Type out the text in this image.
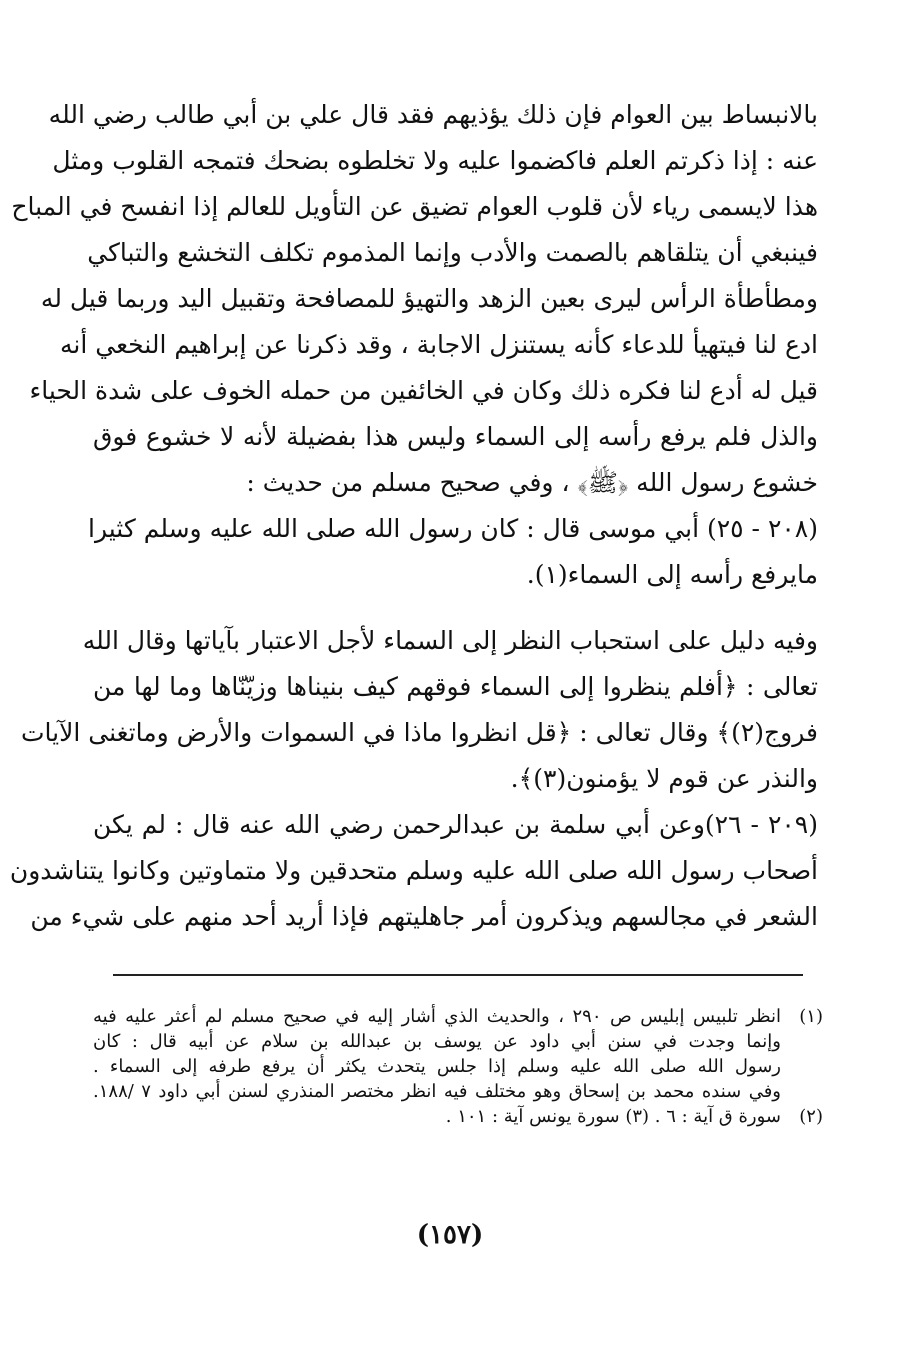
بالانبساط بين العوام فإن ذلك يؤذيهم فقد قال علي بن أبي طالب رضي الله
عنه : إذا ذكرتم العلم فاكضموا عليه ولا تخلطوه بضحك فتمجه القلوب ومثل
هذا لايسمى رياء لأن قلوب العوام تضيق عن التأويل للعالم إذا انفسح في المباح
فينبغي أن يتلقاهم بالصمت والأدب وإنما المذموم تكلف التخشع والتباكي
ومطأطأة الرأس ليرى بعين الزهد والتهيؤ للمصافحة وتقبيل اليد وربما قيل له
ادع لنا فيتهيأ للدعاء كأنه يستنزل الاجابة ، وقد ذكرنا عن إبراهيم النخعي أنه
قيل له أدع لنا فكره ذلك وكان في الخائفين من حمله الخوف على شدة الحياء
والذل فلم يرفع رأسه إلى السماء وليس هذا بفضيلة لأنه لا خشوع فوق
خشوع رسول الله ﴿ﷺ﴾ ، وفي صحيح مسلم من حديث :
(٢٠٨ - ٢٥) أبي موسى قال : كان رسول الله صلى الله عليه وسلم كثيرا
مايرفع رأسه إلى السماء(١).
وفيه دليل على استحباب النظر إلى السماء لأجل الاعتبار بآياتها وقال الله
تعالى : ﴿أفلم ينظروا إلى السماء فوقهم كيف بنيناها وزيّنّاها وما لها من
فروج(٢)﴾ وقال تعالى : ﴿قل انظروا ماذا في السموات والأرض وماتغنى الآيات
والنذر عن قوم لا يؤمنون(٣)﴾.
(٢٠٩ - ٢٦)وعن أبي سلمة بن عبدالرحمن رضي الله عنه قال : لم يكن
أصحاب رسول الله صلى الله عليه وسلم متحدقين ولا متماوتين وكانوا يتناشدون
الشعر في مجالسهم ويذكرون أمر جاهليتهم فإذا أريد أحد منهم على شيء من
(١)
انظر تلبيس إبليس ص ٢٩٠ ، والحديث الذي أشار إليه في صحيح مسلم لم أعثر عليه فيه
وإنما وجدت في سنن أبي داود عن يوسف بن عبدالله بن سلام عن أبيه قال : كان
رسول الله صلى الله عليه وسلم إذا جلس يتحدث يكثر أن يرفع طرفه إلى السماء .
وفي سنده محمد بن إسحاق وهو مختلف فيه انظر مختصر المنذري لسنن أبي داود ٧ /١٨٨.
(٢)
سورة ق آية : ٦ . (٣) سورة يونس آية : ١٠١ .
(١٥٧)
